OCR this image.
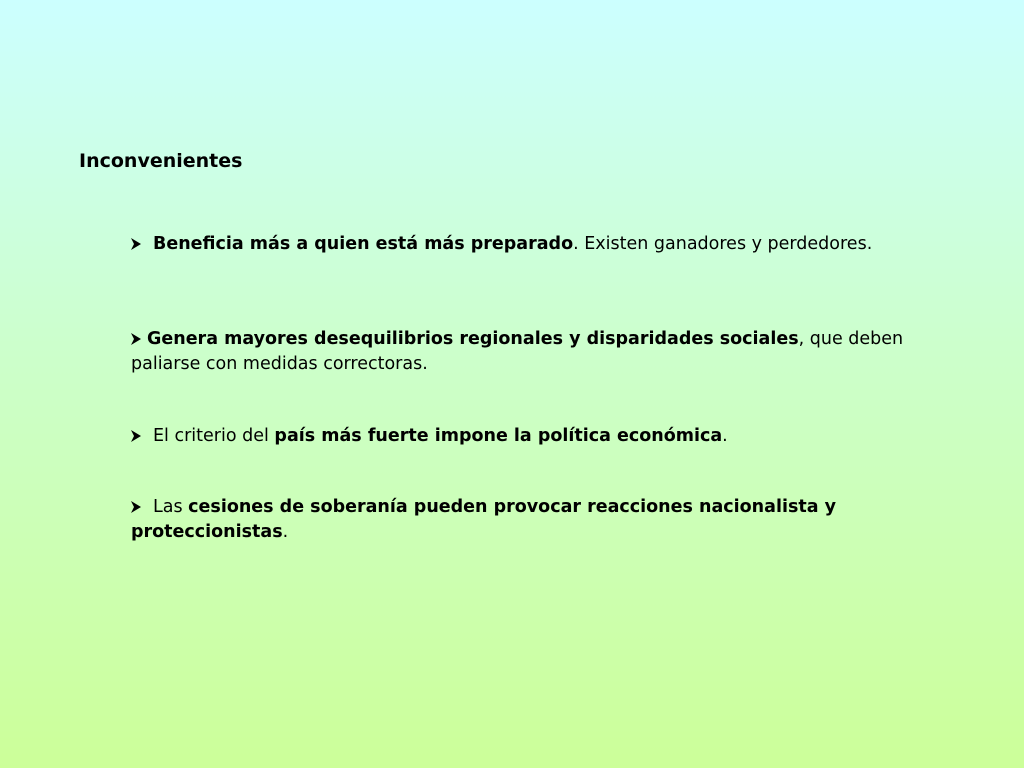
Inconvenientes

Beneficia más a quien está más preparado. Existen ganadores y perdedores.

Genera mayores desequilibrios regionales y disparidades sociales, que deben paliarse con medidas correctoras.

El criterio del país más fuerte impone la política económica.

Las cesiones de soberanía pueden provocar reacciones nacionalista y proteccionistas.
